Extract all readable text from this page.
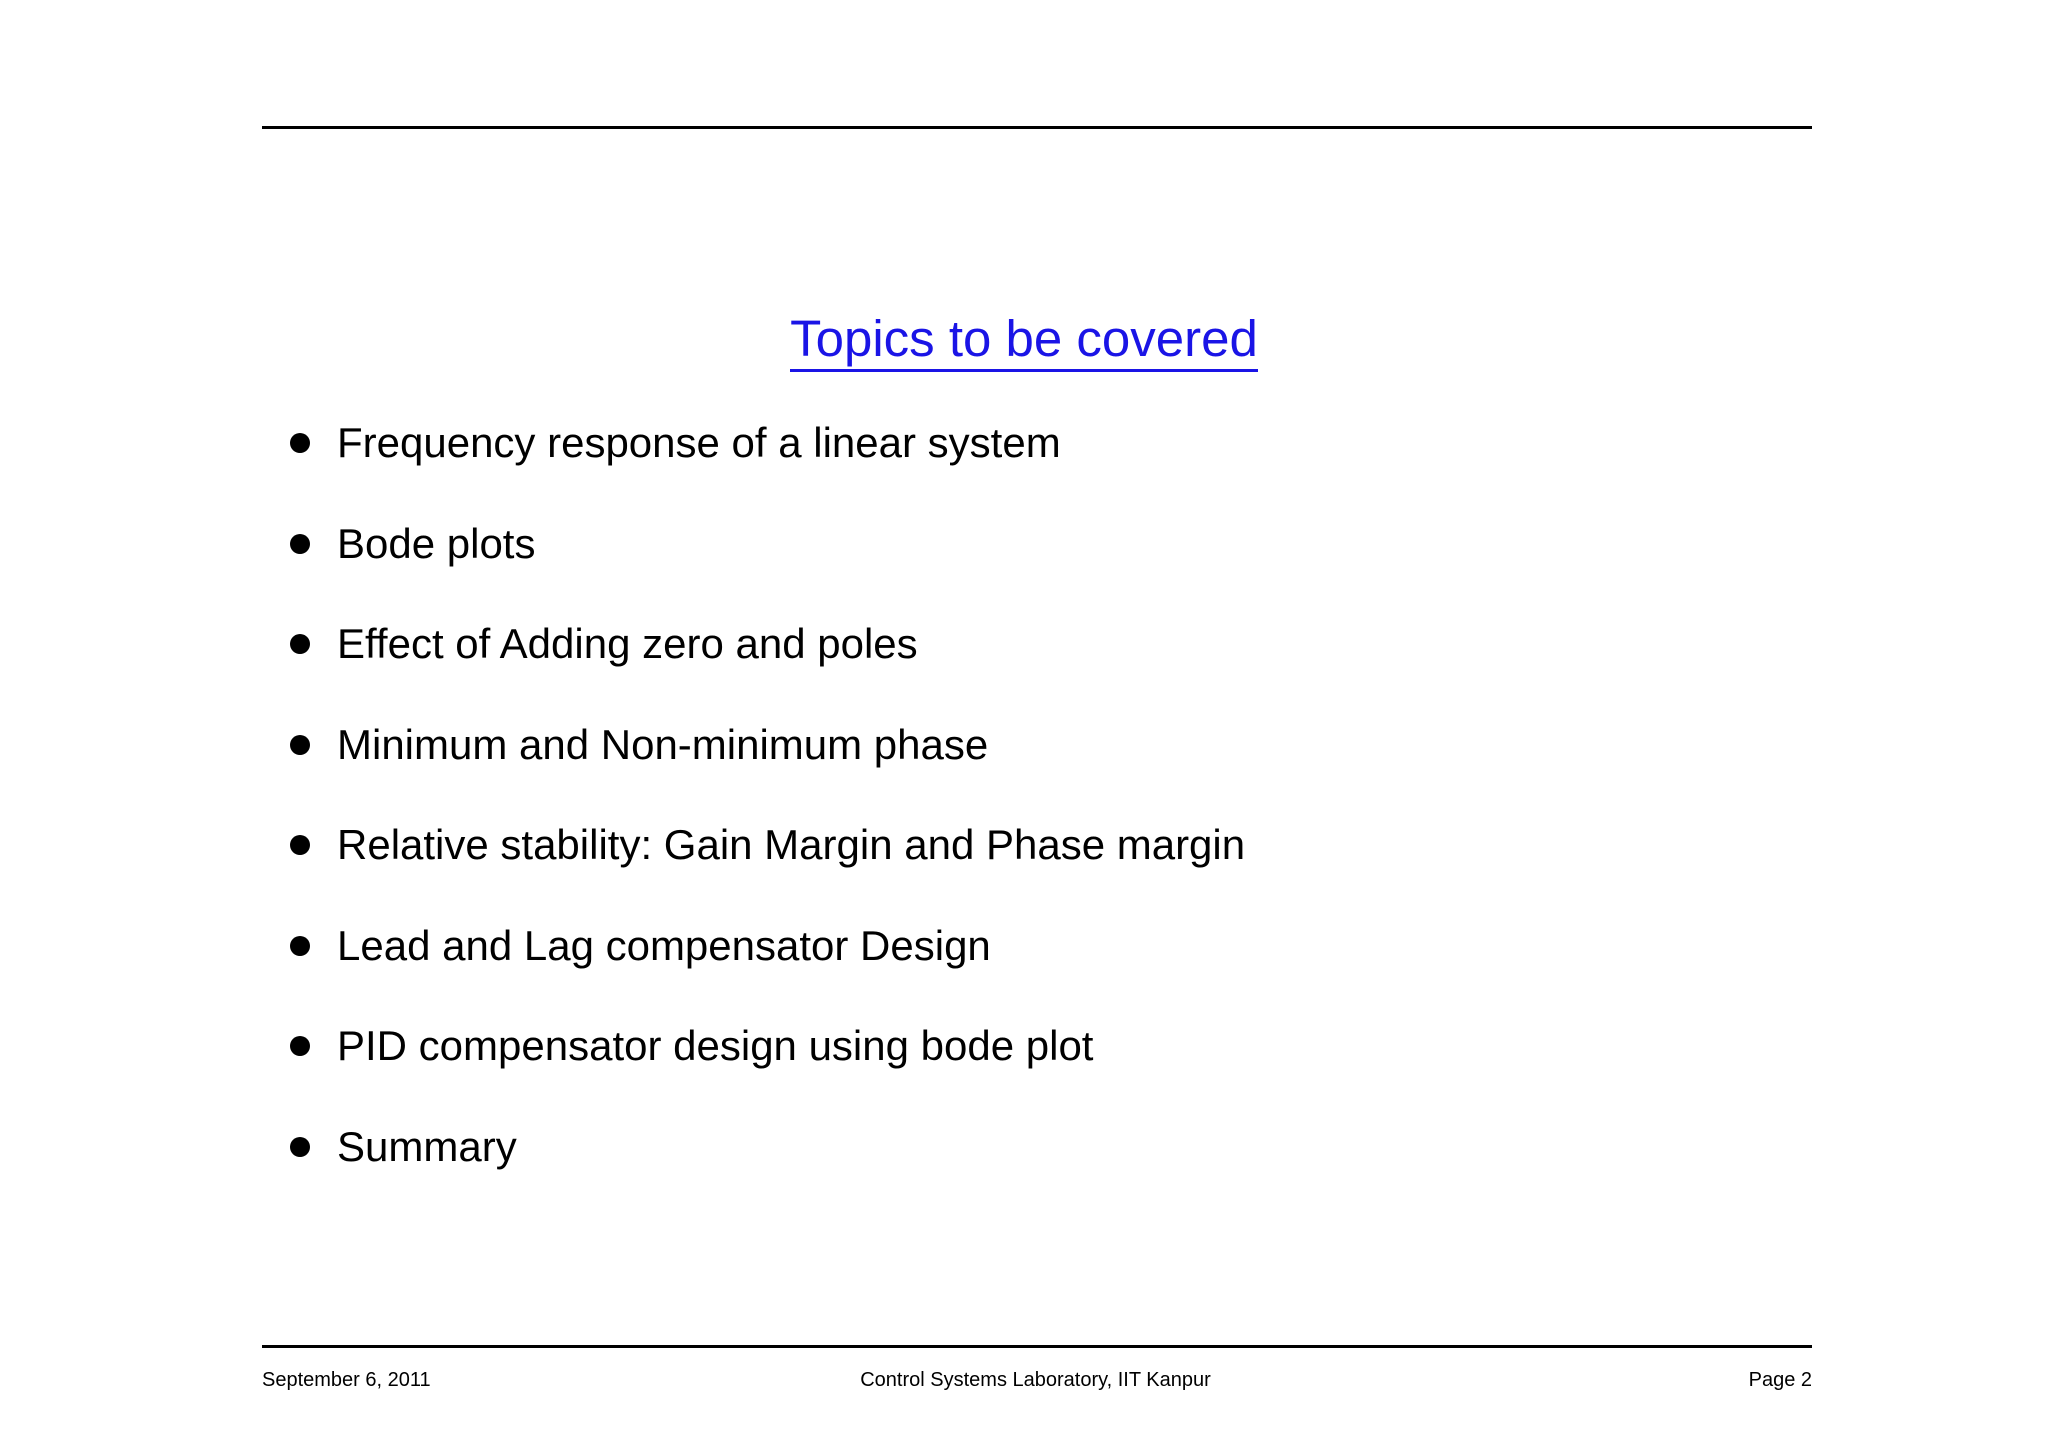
Topics to be covered
Frequency response of a linear system
Bode plots
Effect of Adding zero and poles
Minimum and Non-minimum phase
Relative stability: Gain Margin and Phase margin
Lead and Lag compensator Design
PID compensator design using bode plot
Summary
September 6, 2011	Control Systems Laboratory, IIT Kanpur	Page 2
